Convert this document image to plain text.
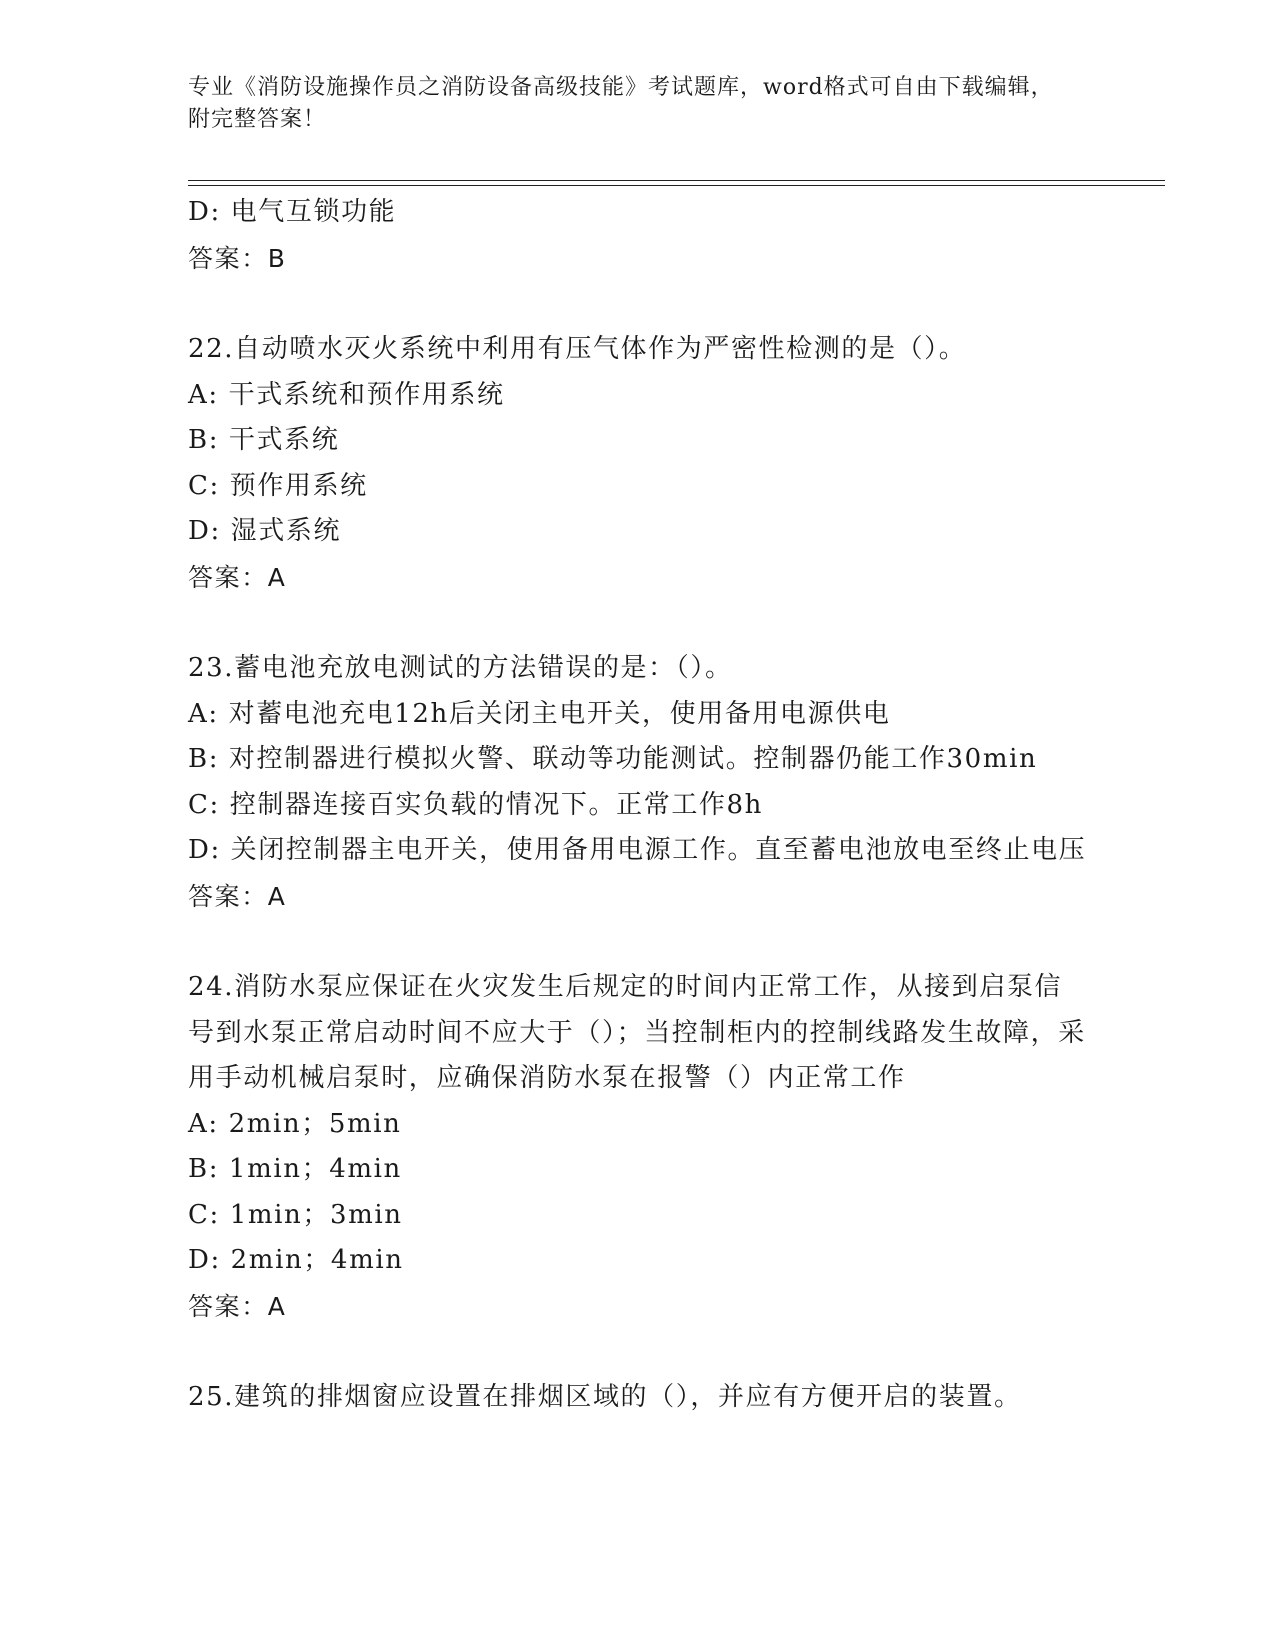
专业《消防设施操作员之消防设备高级技能》考试题库，word格式可自由下载编辑，附完整答案！
D: 电气互锁功能
答案：B
22.自动喷水灭火系统中利用有压气体作为严密性检测的是（）。
A: 干式系统和预作用系统
B: 干式系统
C: 预作用系统
D: 湿式系统
答案：A
23.蓄电池充放电测试的方法错误的是：（）。
A: 对蓄电池充电12h后关闭主电开关，使用备用电源供电
B: 对控制器进行模拟火警、联动等功能测试。控制器仍能工作30min
C: 控制器连接百实负载的情况下。正常工作8h
D: 关闭控制器主电开关，使用备用电源工作。直至蓄电池放电至终止电压
答案：A
24.消防水泵应保证在火灾发生后规定的时间内正常工作，从接到启泵信号到水泵正常启动时间不应大于（）；当控制柜内的控制线路发生故障，采用手动机械启泵时，应确保消防水泵在报警（）内正常工作
A: 2min；5min
B: 1min；4min
C: 1min；3min
D: 2min；4min
答案：A
25.建筑的排烟窗应设置在排烟区域的（），并应有方便开启的装置。
